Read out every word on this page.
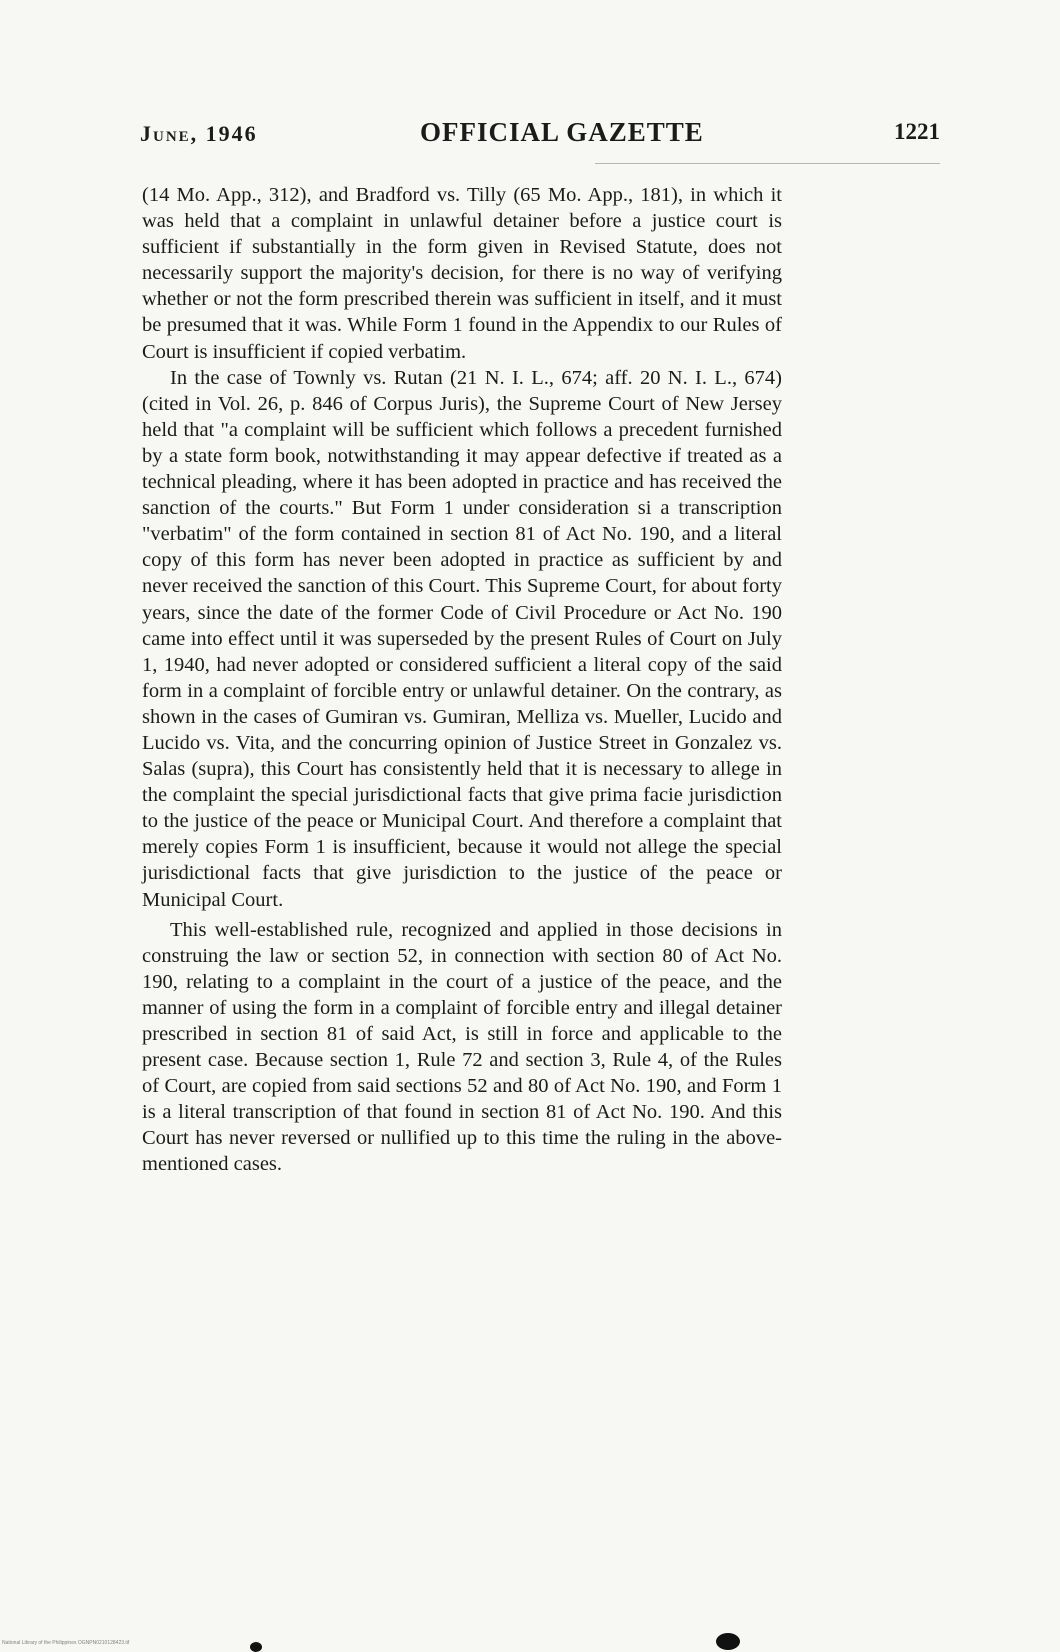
June, 1946	OFFICIAL GAZETTE	1221

(14 Mo. App., 312), and Bradford vs. Tilly (65 Mo. App., 181), in which it was held that a complaint in unlawful detainer before a justice court is sufficient if substantially in the form given in Revised Statute, does not necessarily support the majority's decision, for there is no way of verifying whether or not the form prescribed therein was sufficient in itself, and it must be presumed that it was. While Form 1 found in the Appendix to our Rules of Court is insufficient if copied verbatim.

In the case of Townly vs. Rutan (21 N. I. L., 674; aff. 20 N. I. L., 674) (cited in Vol. 26, p. 846 of Corpus Juris), the Supreme Court of New Jersey held that "a complaint will be sufficient which follows a precedent furnished by a state form book, notwithstanding it may appear defective if treated as a technical pleading, where it has been adopted in practice and has received the sanction of the courts." But Form 1 under consideration si a transcription "verbatim" of the form contained in section 81 of Act No. 190, and a literal copy of this form has never been adopted in practice as sufficient by and never received the sanction of this Court. This Supreme Court, for about forty years, since the date of the former Code of Civil Procedure or Act No. 190 came into effect until it was superseded by the present Rules of Court on July 1, 1940, had never adopted or considered sufficient a literal copy of the said form in a complaint of forcible entry or unlawful detainer. On the contrary, as shown in the cases of Gumiran vs. Gumiran, Melliza vs. Mueller, Lucido and Lucido vs. Vita, and the concurring opinion of Justice Street in Gonzalez vs. Salas (supra), this Court has consistently held that it is necessary to allege in the complaint the special jurisdictional facts that give prima facie jurisdiction to the justice of the peace or Municipal Court. And therefore a complaint that merely copies Form 1 is insufficient, because it would not allege the special jurisdictional facts that give jurisdiction to the justice of the peace or Municipal Court.

This well-established rule, recognized and applied in those decisions in construing the law or section 52, in connection with section 80 of Act No. 190, relating to a complaint in the court of a justice of the peace, and the manner of using the form in a complaint of forcible entry and illegal detainer prescribed in section 81 of said Act, is still in force and applicable to the present case. Because section 1, Rule 72 and section 3, Rule 4, of the Rules of Court, are copied from said sections 52 and 80 of Act No. 190, and Form 1 is a literal transcription of that found in section 81 of Act No. 190. And this Court has never reversed or nullified up to this time the ruling in the above-mentioned cases.

National Library of the Philippines OGNPN0210128423.tif
